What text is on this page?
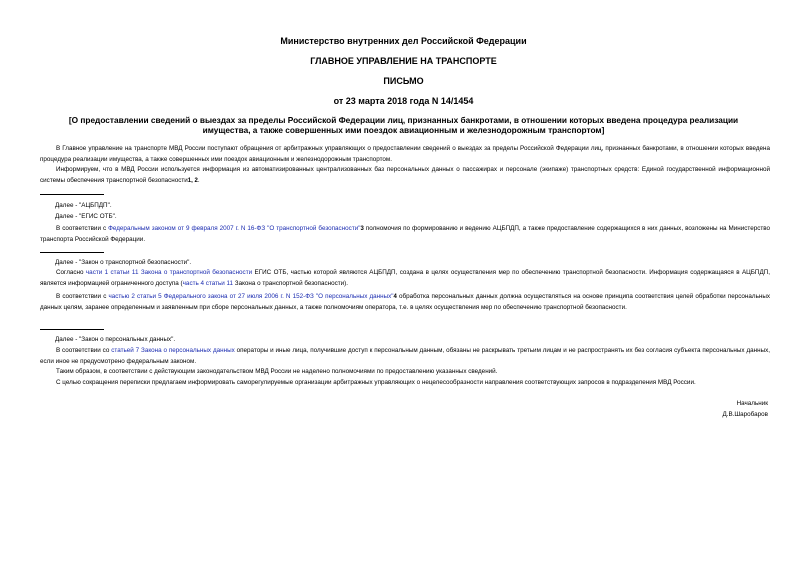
Министерство внутренних дел Российской Федерации
ГЛАВНОЕ УПРАВЛЕНИЕ НА ТРАНСПОРТЕ
ПИСЬМО
от 23 марта 2018 года N 14/1454
[О предоставлении сведений о выездах за пределы Российской Федерации лиц, признанных банкротами, в отношении которых введена процедура реализации
имущества, а также совершенных ими поездок авиационным и железнодорожным транспортом]
В Главное управление на транспорте МВД России поступают обращения от арбитражных управляющих о предоставлении сведений о выездах за пределы Российской Федерации лиц, признанных банкротами, в отношении которых введена процедура реализации имущества, а также совершенных ими поездок авиационным и железнодорожным транспортом.
Информируем, что в МВД России используется информация из автоматизированных централизованных баз персональных данных о пассажирах и персонале (экипаже) транспортных средств: Единой государственной информационной системы обеспечения транспортной безопасности1, 2.
Далее - "АЦБПДП".
Далее - "ЕГИС ОТБ".
В соответствии с Федеральным законом от 9 февраля 2007 г. N 16-ФЗ "О транспортной безопасности"3 полномочия по формированию и ведению АЦБПДП, а также предоставление содержащихся в них данных, возложены на Министерство транспорта Российской Федерации.
Далее - "Закон о транспортной безопасности".
Согласно части 1 статьи 11 Закона о транспортной безопасности ЕГИС ОТБ, частью которой являются АЦБПДП, создана в целях осуществления мер по обеспечению транспортной безопасности. Информация содержащаяся в АЦБПДП, является информацией ограниченного доступа (часть 4 статьи 11 Закона о транспортной безопасности).
В соответствии с частью 2 статьи 5 Федерального закона от 27 июля 2006 г. N 152-ФЗ "О персональных данных"4 обработка персональных данных должна осуществляться на основе принципа соответствия целей обработки персональных данных целям, заранее определенным и заявленным при сборе персональных данных, а также полномочиям оператора, т.е. в целях осуществления мер по обеспечению транспортной безопасности.
Далее - "Закон о персональных данных".
В соответствии со статьей 7 Закона о персональных данных операторы и иные лица, получившие доступ к персональным данным, обязаны не раскрывать третьим лицам и не распространять их без согласия субъекта персональных данных, если иное не предусмотрено федеральным законом.
Таким образом, в соответствии с действующим законодательством МВД России не наделено полномочиями по предоставлению указанных сведений.
С целью сокращения переписки предлагаем информировать саморегулируемые организации арбитражных управляющих о нецелесообразности направления соответствующих запросов в подразделения МВД России.
Начальник
Д.В.Шаробаров
